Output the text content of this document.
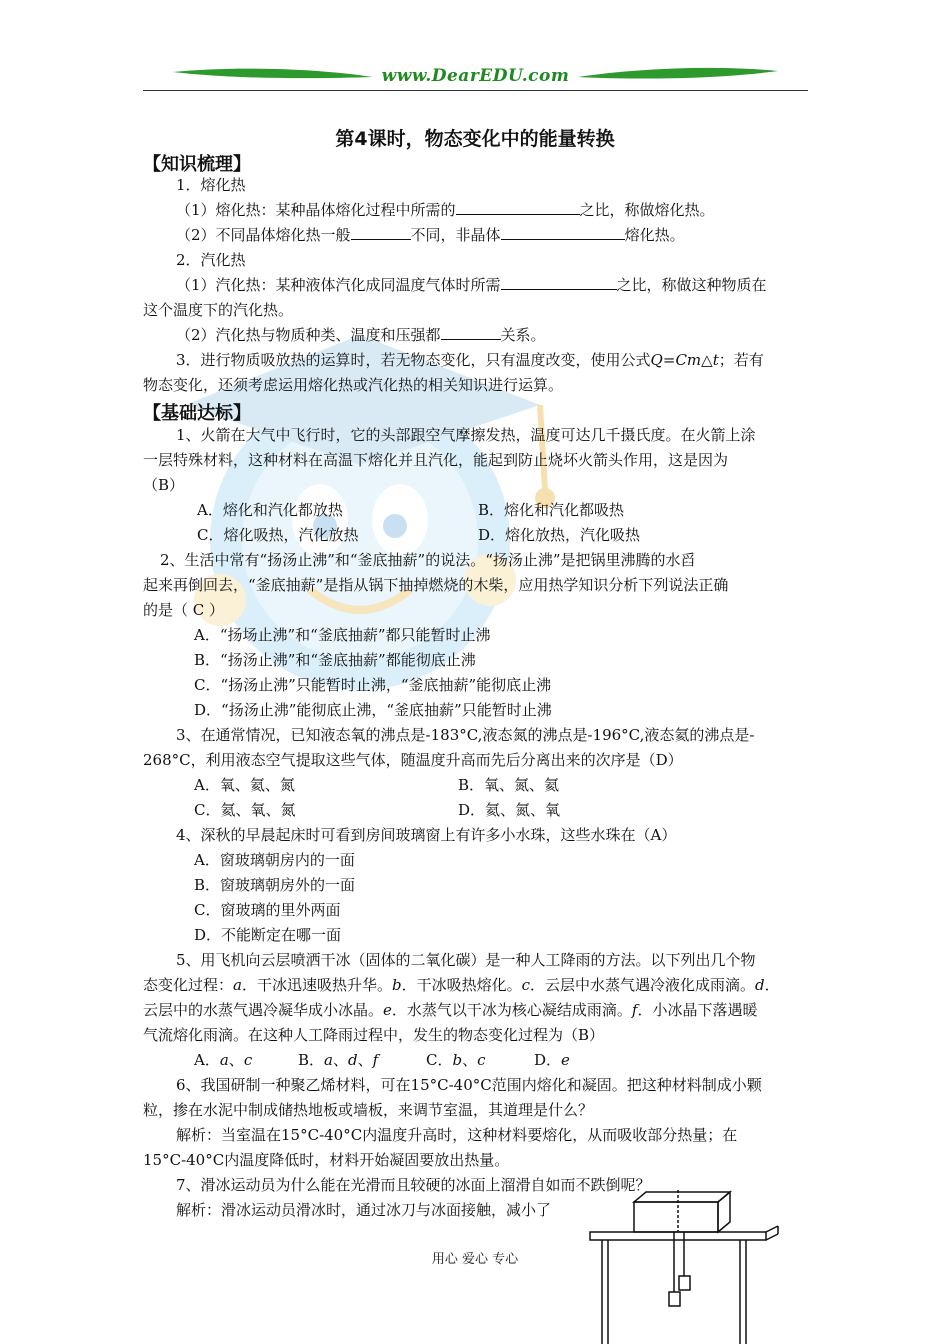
www.DearEDU.com
第4课时，物态变化中的能量转换
【知识梳理】
1．熔化热
（1）熔化热：某种晶体熔化过程中所需的	之比，称做熔化热。
（2）不同晶体熔化热一般	不同，非晶体	熔化热。
2．汽化热
（1）汽化热：某种液体汽化成同温度气体时所需	之比，称做这种物质在
这个温度下的汽化热。
（2）汽化热与物质种类、温度和压强都	关系。
3．进行物质吸放热的运算时，若无物态变化，只有温度改变，使用公式Q=Cm△t；若有
物态变化，还须考虑运用熔化热或汽化热的相关知识进行运算。
【基础达标】
1、火箭在大气中飞行时，它的头部跟空气摩擦发热，温度可达几千摄氏度。在火箭上涂
一层特殊材料，这种材料在高温下熔化并且汽化，能起到防止烧坏火箭头作用，这是因为
（B）
A．熔化和汽化都放热	B．熔化和汽化都吸热
C．熔化吸热，汽化放热	D．熔化放热，汽化吸热
2、生活中常有“扬汤止沸”和“釜底抽薪”的说法。“扬汤止沸”是把锅里沸腾的水舀
起来再倒回去，“釜底抽薪”是指从锅下抽掉燃烧的木柴，应用热学知识分析下列说法正确
的是（ C ）
A．“扬场止沸”和“釜底抽薪”都只能暂时止沸
B．“扬汤止沸”和“釜底抽薪”都能彻底止沸
C．“扬汤止沸”只能暂时止沸，“釜底抽薪”能彻底止沸
D．“扬汤止沸”能彻底止沸，“釜底抽薪”只能暂时止沸
3、在通常情况，已知液态氧的沸点是-183°C,液态氮的沸点是-196°C,液态氦的沸点是-
268°C，利用液态空气提取这些气体，随温度升高而先后分离出来的次序是（D）
A．氧、氦、氮	B．氧、氮、氦
C．氦、氧、氮	D．氦、氮、氧
4、深秋的早晨起床时可看到房间玻璃窗上有许多小水珠，这些水珠在（A）
A．窗玻璃朝房内的一面
B．窗玻璃朝房外的一面
C．窗玻璃的里外两面
D．不能断定在哪一面
5、用飞机向云层喷洒干冰（固体的二氧化碳）是一种人工降雨的方法。以下列出几个物
态变化过程：a．干冰迅速吸热升华。b．干冰吸热熔化。c．云层中水蒸气遇冷液化成雨滴。d．
云层中的水蒸气遇冷凝华成小冰晶。e．水蒸气以干冰为核心凝结成雨滴。f．小冰晶下落遇暖
气流熔化雨滴。在这种人工降雨过程中，发生的物态变化过程为（B）
A．a、c	B．a、d、f	C．b、c	D．e
6、我国研制一种聚乙烯材料，可在15°C-40°C范围内熔化和凝固。把这种材料制成小颗
粒，掺在水泥中制成储热地板或墙板，来调节室温，其道理是什么？
解析：当室温在15°C-40°C内温度升高时，这种材料要熔化，从而吸收部分热量；在
15°C-40°C内温度降低时，材料开始凝固要放出热量。
7、滑冰运动员为什么能在光滑而且较硬的冰面上溜滑自如而不跌倒呢？
解析：滑冰运动员滑冰时，通过冰刀与冰面接触，减小了
用心 爱心 专心
